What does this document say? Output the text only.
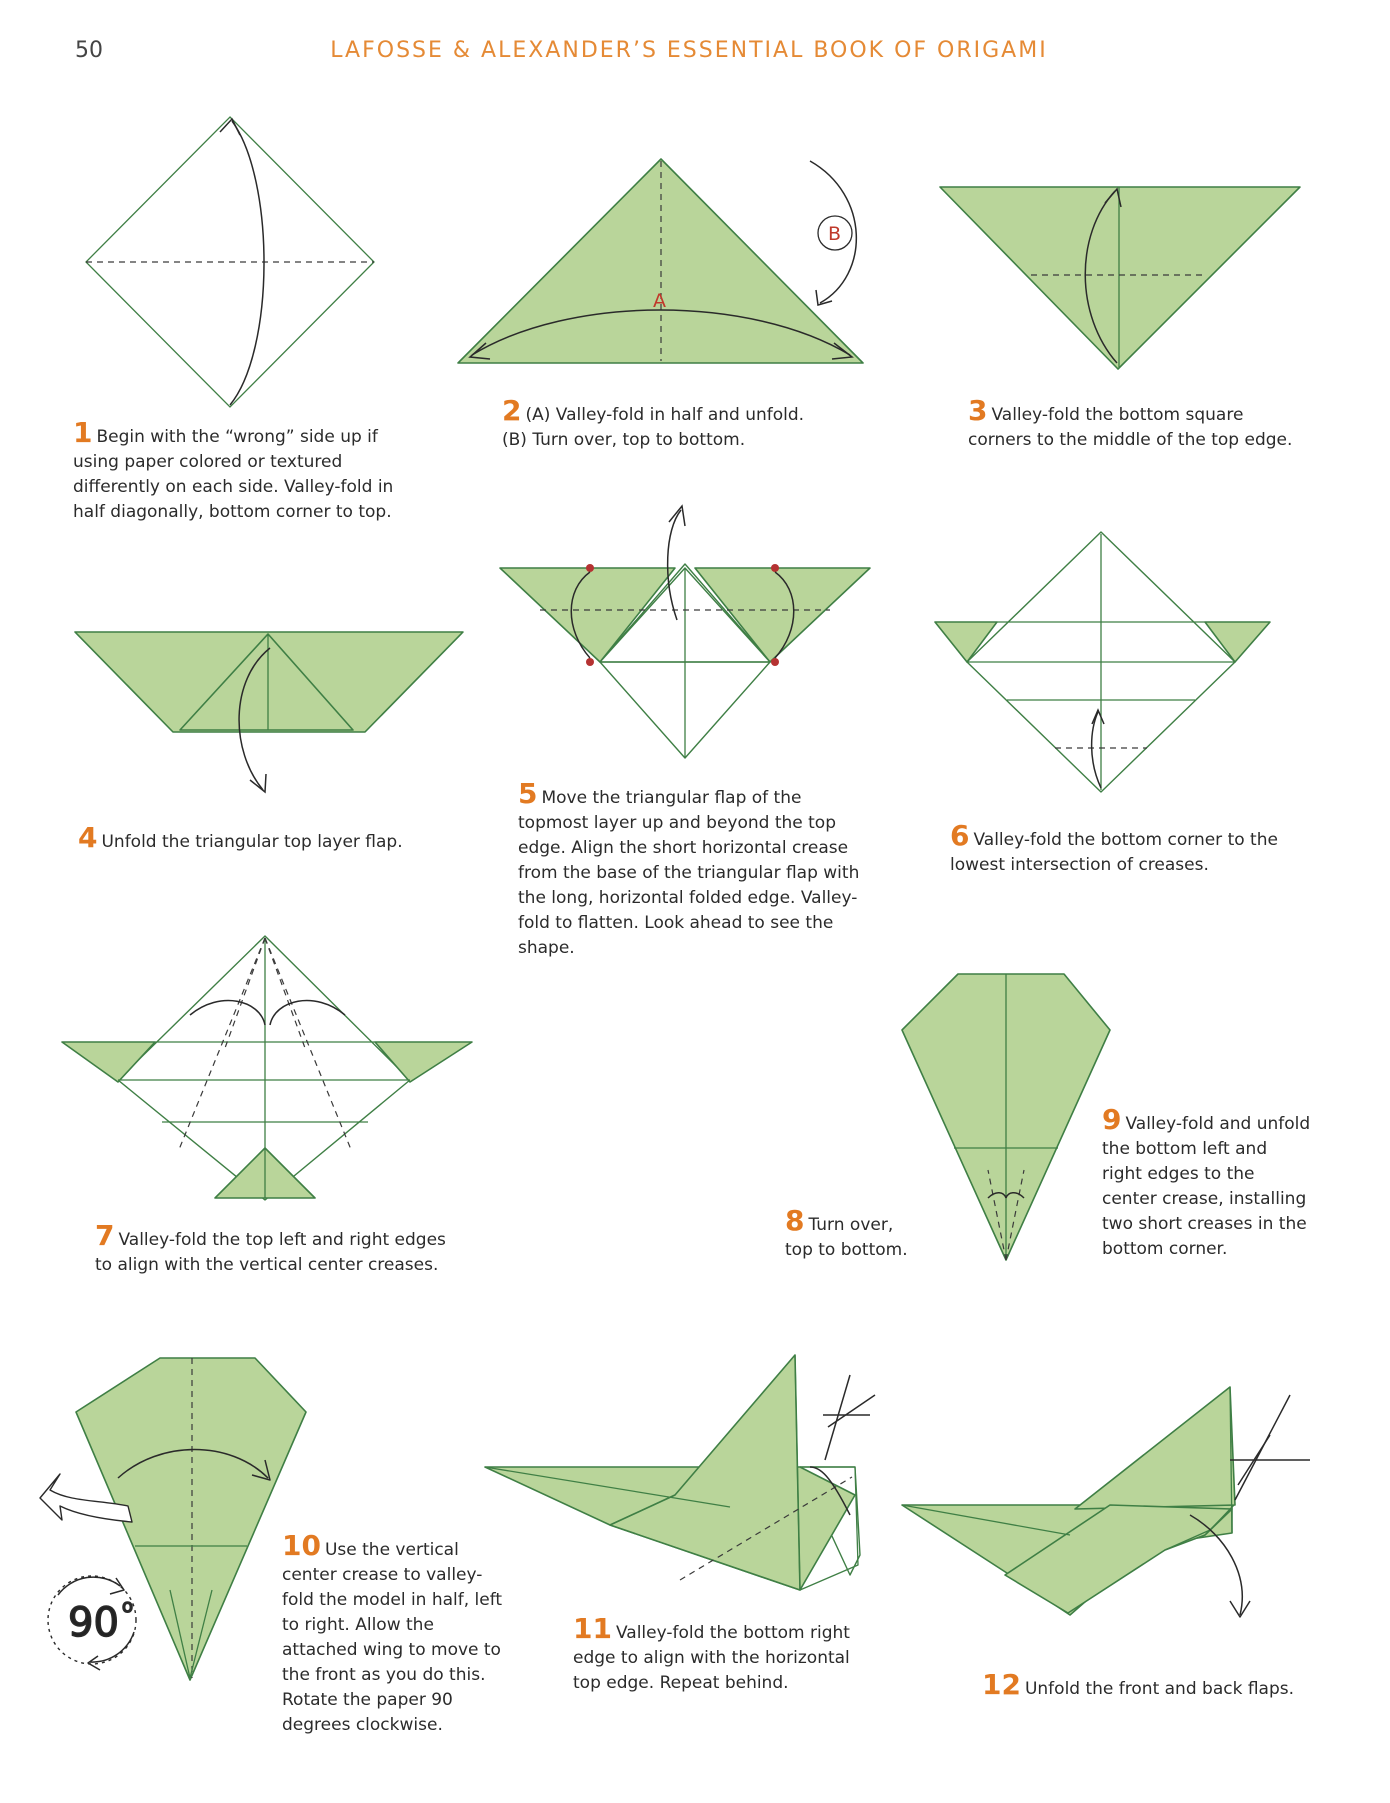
50	LAFOSSE & ALEXANDER’S ESSENTIAL BOOK OF ORIGAMI
1 Begin with the “wrong” side up if using paper colored or textured differently on each side. Valley-fold in half diagonally, bottom corner to top.
A
B
2 (A) Valley-fold in half and unfold.
(B) Turn over, top to bottom.
3 Valley-fold the bottom square corners to the middle of the top edge.
4 Unfold the triangular top layer flap.
5 Move the triangular flap of the topmost layer up and beyond the top edge. Align the short horizontal crease from the base of the triangular flap with the long, horizontal folded edge. Valley-fold to flatten. Look ahead to see the shape.
6 Valley-fold the bottom corner to the lowest intersection of creases.
7 Valley-fold the top left and right edges to align with the vertical center creases.
8 Turn over, top to bottom.
9 Valley-fold and unfold the bottom left and right edges to the center crease, installing two short creases in the bottom corner.
90 o
10 Use the vertical center crease to valley-fold the model in half, left to right. Allow the attached wing to move to the front as you do this. Rotate the paper 90 degrees clockwise.
11 Valley-fold the bottom right edge to align with the horizontal top edge. Repeat behind.	12 Unfold the front and back flaps.
